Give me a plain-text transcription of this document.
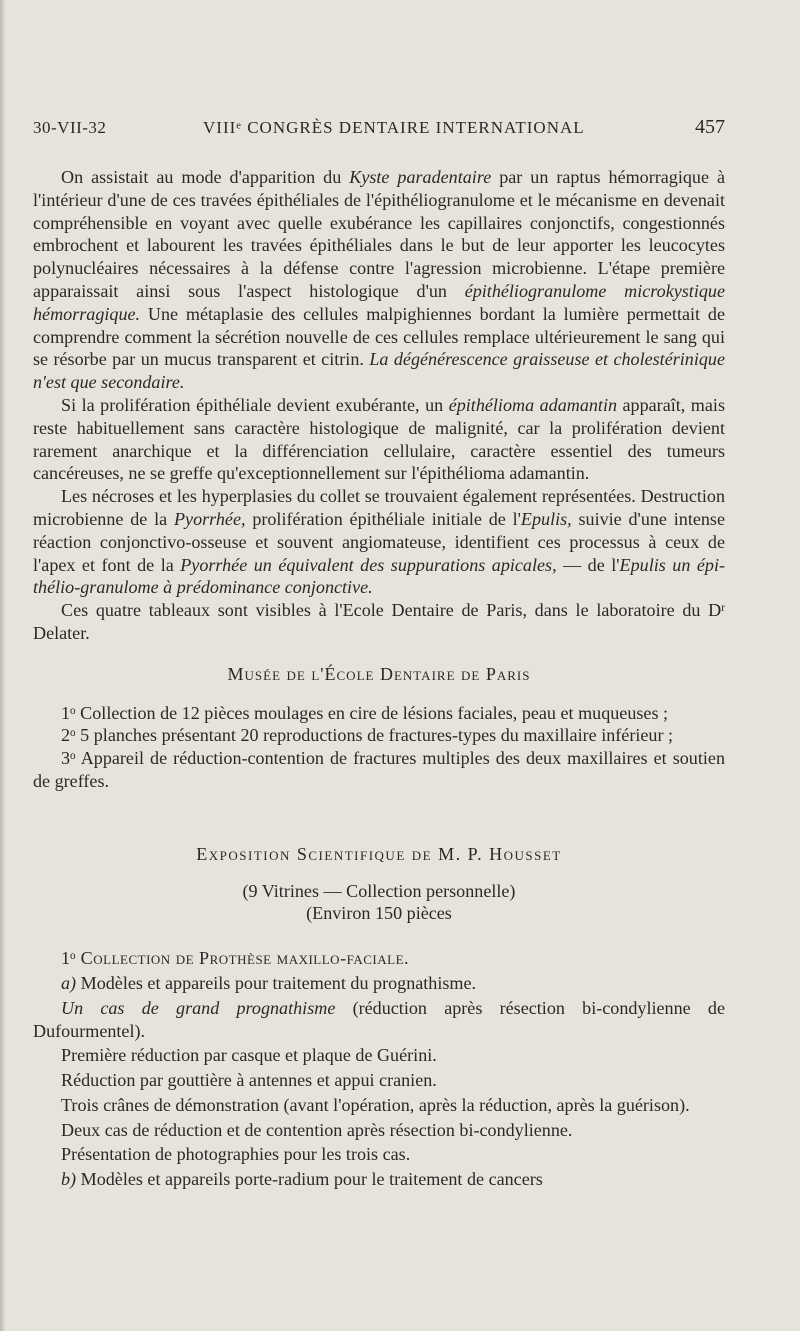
30-VII-32	VIIIe CONGRÈS DENTAIRE INTERNATIONAL	457

On assistait au mode d'apparition du Kyste paradentaire par un raptus hémorragique à l'intérieur d'une de ces travées épithéliales de l'épithéliogranulome et le mécanisme en devenait compréhensible en voyant avec quelle exubérance les capillaires conjonctifs, congestionnés embrochent et labourent les travées épithéliales dans le but de leur apporter les leucocytes polynucléaires nécessaires à la défense contre l'agression microbienne. L'étape première apparaissait ainsi sous l'aspect histologique d'un épithéliogranulome microkystique hémorragique. Une métaplasie des cellules malpighiennes bordant la lumière permettait de comprendre comment la sécrétion nouvelle de ces cellules remplace ultérieurement le sang qui se résorbe par un mucus transparent et citrin. La dégénérescence graisseuse et cholestérinique n'est que secondaire.

Si la prolifération épithéliale devient exubérante, un épithélioma adamantin apparaît, mais reste habituellement sans caractère histologique de malignité, car la prolifération devient rarement anarchique et la différenciation cellulaire, caractère essentiel des tumeurs cancéreuses, ne se greffe qu'exceptionnellement sur l'épithélioma adamantin.

Les nécroses et les hyperplasies du collet se trouvaient également représentées. Destruction microbienne de la Pyorrhée, prolifération épithéliale initiale de l'Epulis, suivie d'une intense réaction conjonctivo-osseuse et souvent angiomateuse, identifient ces processus à ceux de l'apex et font de la Pyorrhée un équivalent des suppurations apicales, — de l'Epulis un épithélio-granulome à prédominance conjonctive.

Ces quatre tableaux sont visibles à l'Ecole Dentaire de Paris, dans le laboratoire du $D^r$ Delater.

Musée de l'École Dentaire de Paris

1$^o$ Collection de 12 pièces moulages en cire de lésions faciales, peau et muqueuses ;

2$^o$ 5 planches présentant 20 reproductions de fractures-types du maxillaire inférieur ;

3$^o$ Appareil de réduction-contention de fractures multiples des deux maxillaires et soutien de greffes.

Exposition Scientifique de M. P. Housset

(9 Vitrines — Collection personnelle)

(Environ 150 pièces

1$^o$ Collection de Prothèse maxillo-faciale.

a) Modèles et appareils pour traitement du prognathisme.

Un cas de grand prognathisme (réduction après résection bi-condylienne de Dufourmentel).

Première réduction par casque et plaque de Guérini.

Réduction par gouttière à antennes et appui cranien.

Trois crânes de démonstration (avant l'opération, après la réduction, après la guérison).

Deux cas de réduction et de contention après résection bi-condylienne.

Présentation de photographies pour les trois cas.

b) Modèles et appareils porte-radium pour le traitement de cancers
